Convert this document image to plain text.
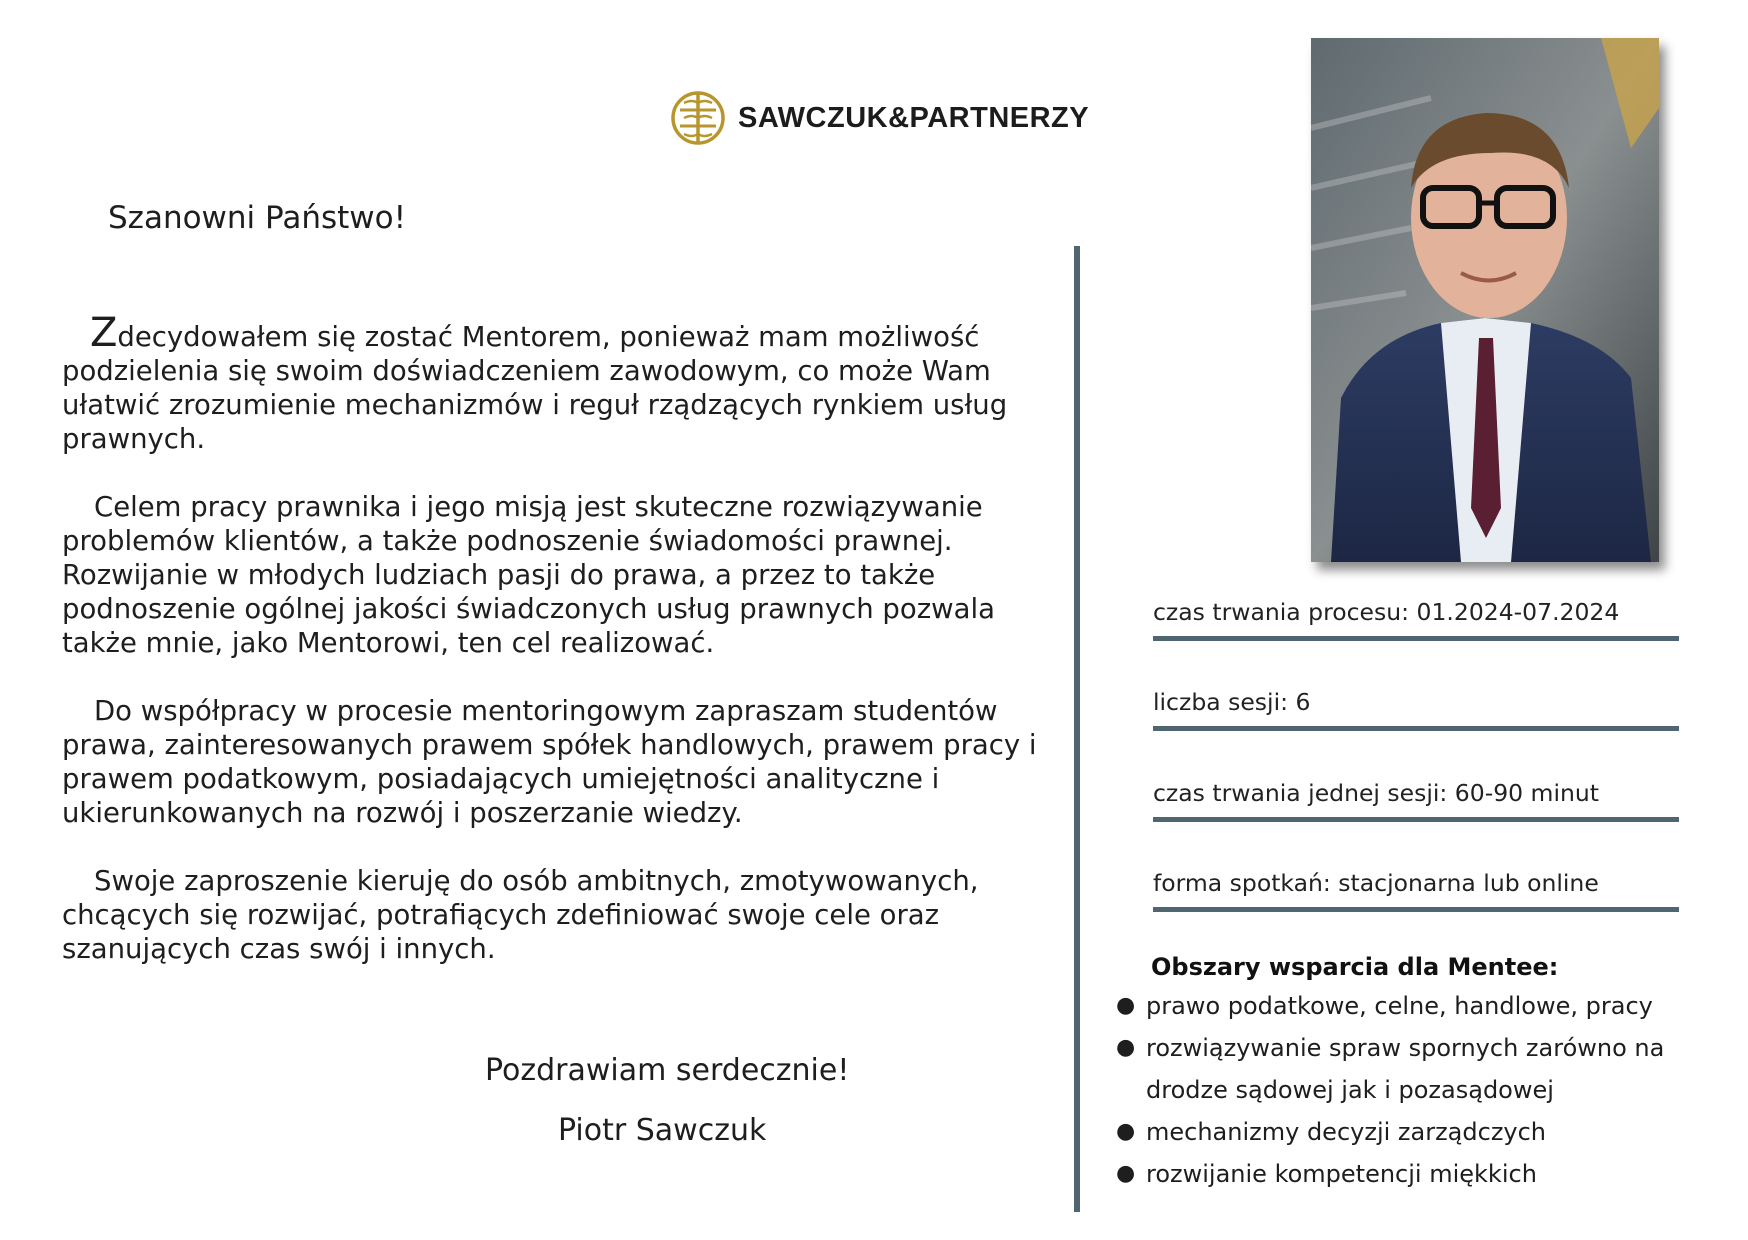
SAWCZUK&PARTNERZY
Szanowni Państwo!

Zdecydowałem się zostać Mentorem, ponieważ mam możliwość podzielenia się swoim doświadczeniem zawodowym, co może Wam ułatwić zrozumienie mechanizmów i reguł rządzących rynkiem usług prawnych.

Celem pracy prawnika i jego misją jest skuteczne rozwiązywanie problemów klientów, a także podnoszenie świadomości prawnej. Rozwijanie w młodych ludziach pasji do prawa, a przez to także podnoszenie ogólnej jakości świadczonych usług prawnych pozwala także mnie, jako Mentorowi, ten cel realizować.

Do współpracy w procesie mentoringowym zapraszam studentów prawa, zainteresowanych prawem spółek handlowych, prawem pracy i prawem podatkowym, posiadających umiejętności analityczne i ukierunkowanych na rozwój i poszerzanie wiedzy.

Swoje zaproszenie kieruję do osób ambitnych, zmotywowanych, chcących się rozwijać, potrafiących zdefiniować swoje cele oraz szanujących czas swój i innych.

Pozdrawiam serdecznie!
Piotr Sawczuk
czas trwania procesu: 01.2024-07.2024
liczba sesji: 6
czas trwania jednej sesji: 60-90 minut
forma spotkań: stacjonarna lub online
Obszary wsparcia dla Mentee:
● prawo podatkowe, celne, handlowe, pracy
● rozwiązywanie spraw spornych zarówno na drodze sądowej jak i pozasądowej
● mechanizmy decyzji zarządczych
● rozwijanie kompetencji miękkich
